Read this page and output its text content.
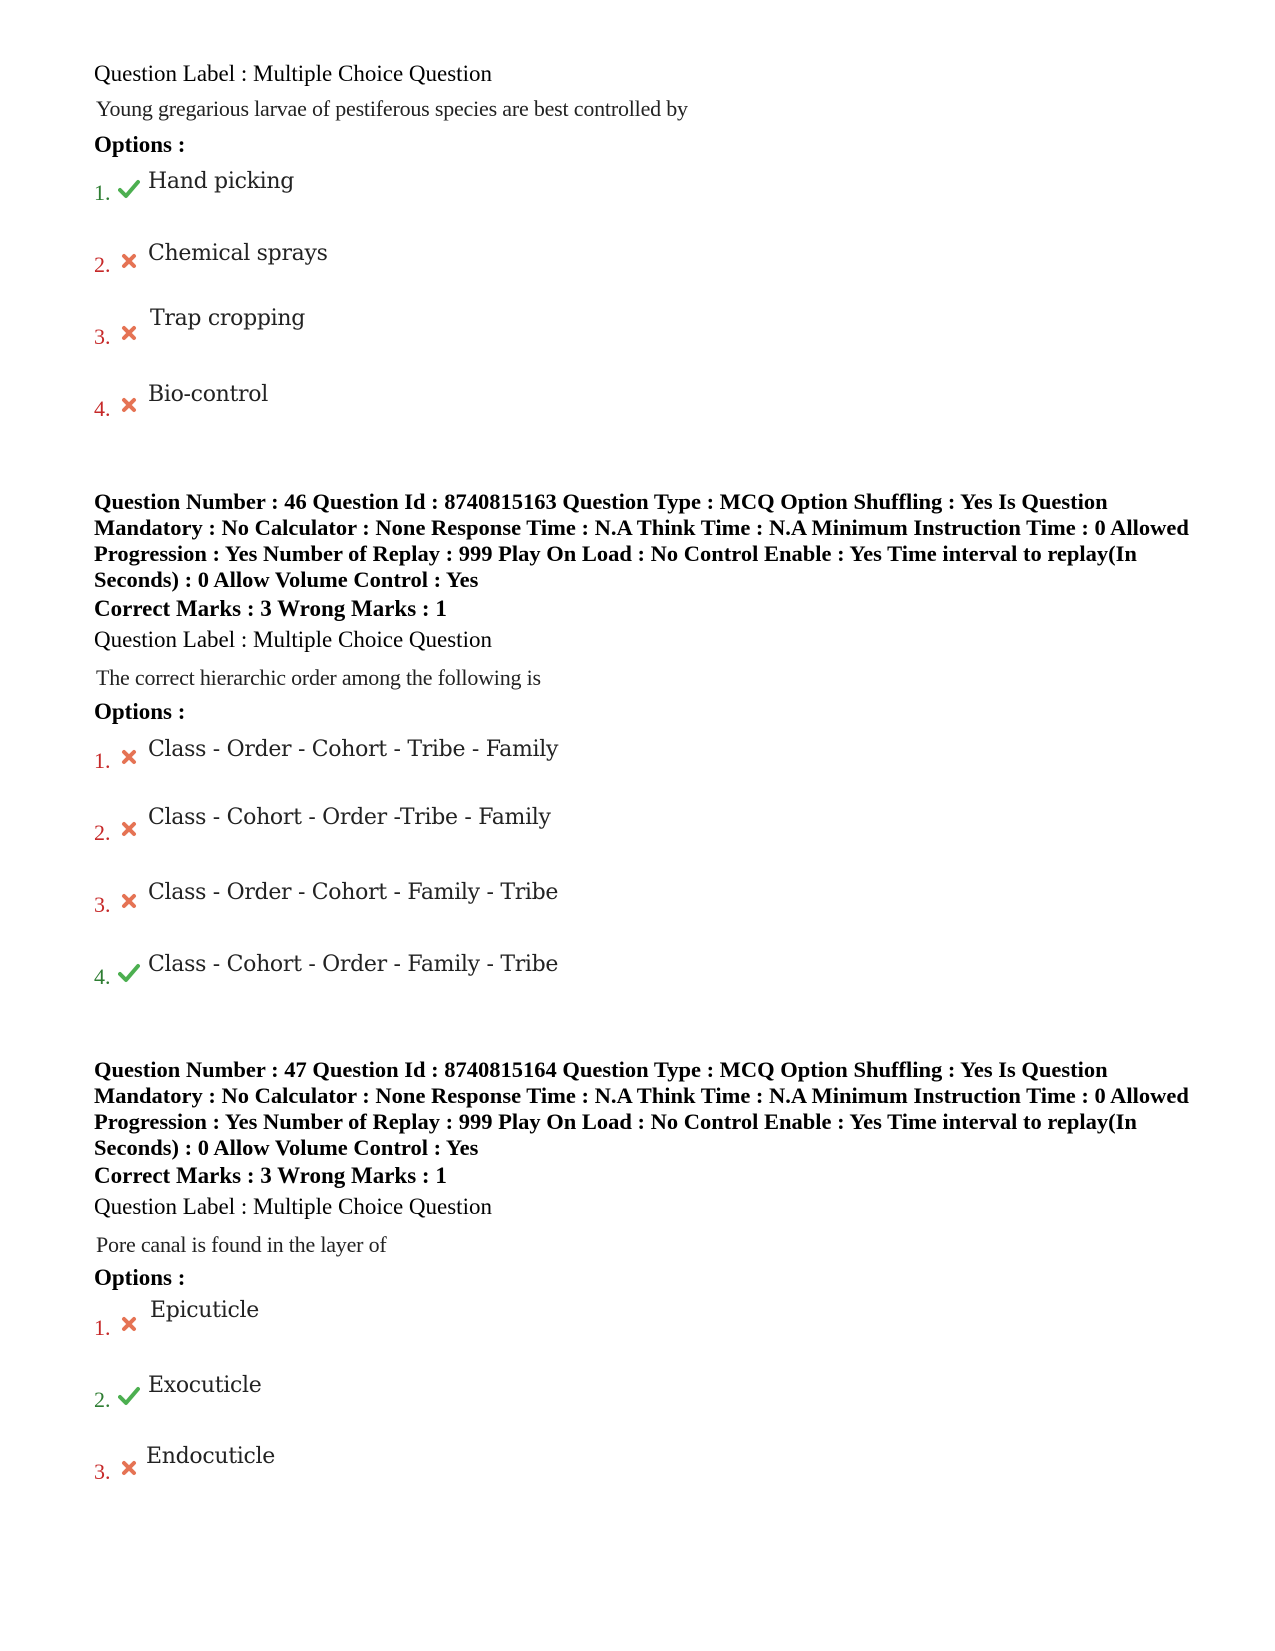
Question Label : Multiple Choice Question
Young gregarious larvae of pestiferous species are best controlled by
Options :
1. Hand picking
2. Chemical sprays
3.
Trap cropping
4.
Bio-control
Question Number : 46 Question Id : 8740815163 Question Type : MCQ Option Shuffling : Yes Is Question Mandatory : No Calculator : None Response Time : N.A Think Time : N.A Minimum Instruction Time : 0 Allowed Progression : Yes Number of Replay : 999 Play On Load : No Control Enable : Yes Time interval to replay(In Seconds) : 0 Allow Volume Control : Yes
Correct Marks : 3 Wrong Marks : 1
Question Label : Multiple Choice Question
The correct hierarchic order among the following is
Options :
1. Class - Order - Cohort - Tribe - Family
2.
Class - Cohort - Order -Tribe - Family
3. Class - Order - Cohort - Family - Tribe
4. Class - Cohort - Order - Family - Tribe
Question Number : 47 Question Id : 8740815164 Question Type : MCQ Option Shuffling : Yes Is Question Mandatory : No Calculator : None Response Time : N.A Think Time : N.A Minimum Instruction Time : 0 Allowed Progression : Yes Number of Replay : 999 Play On Load : No Control Enable : Yes Time interval to replay(In Seconds) : 0 Allow Volume Control : Yes
Correct Marks : 3 Wrong Marks : 1
Question Label : Multiple Choice Question
Pore canal is found in the layer of
Options :
1.
Epicuticle
2.
Exocuticle
3.
Endocuticle
